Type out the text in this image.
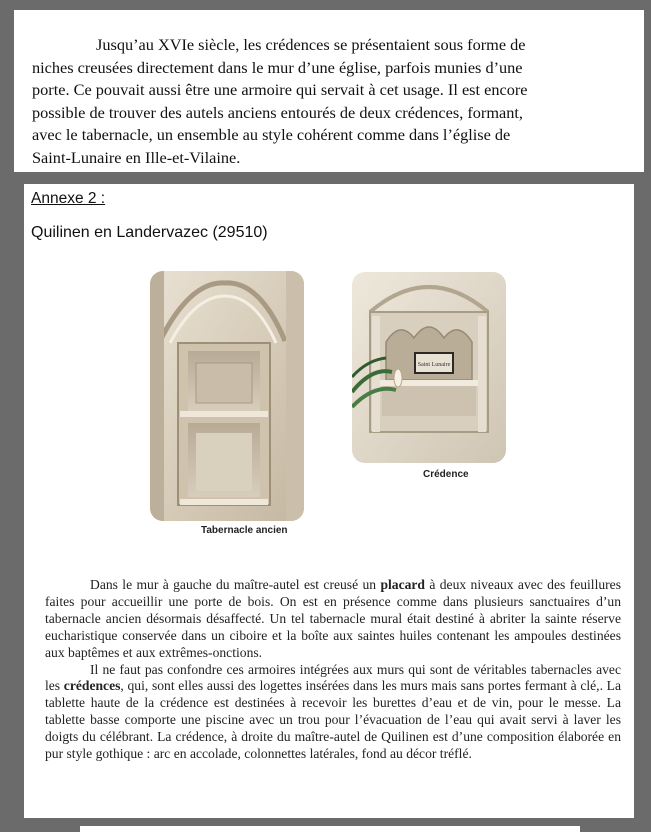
Jusqu’au XVIe siècle, les crédences se présentaient sous forme de
niches creusées directement dans le mur d’une église, parfois munies d’une
porte. Ce pouvait aussi être une armoire qui servait à cet usage. Il est encore
possible de trouver des autels anciens entourés de deux crédences, formant,
avec le tabernacle, un ensemble au style cohérent comme dans l’église de
Saint-Lunaire en Ille-et-Vilaine.

Annexe 2 :
Quilinen en Landervazec (29510)
Tabernacle ancien
Saint Lunaire
Crédence

Dans le mur à gauche du maître-autel est creusé un placard à deux niveaux avec des feuillures faites pour accueillir une porte de bois. On est en présence comme dans plusieurs sanctuaires d’un tabernacle ancien désormais désaffecté. Un tel tabernacle mural était destiné à abriter la sainte réserve eucharistique conservée dans un ciboire et la boîte aux saintes huiles contenant les ampoules destinées aux baptêmes et aux extrêmes-onctions.

Il ne faut pas confondre ces armoires intégrées aux murs qui sont de véritables tabernacles avec les crédences, qui, sont elles aussi des logettes insérées dans les murs mais sans portes fermant à clé,. La tablette haute de la crédence est destinées à recevoir les burettes d’eau et de vin, pour le messe. La tablette basse comporte une piscine avec un trou pour l’évacuation de l’eau qui avait servi à laver les doigts du célébrant. La crédence, à droite du maître-autel de Quilinen est d’une composition élaborée en pur style gothique : arc en accolade, colonnettes latérales, fond au décor tréflé.
